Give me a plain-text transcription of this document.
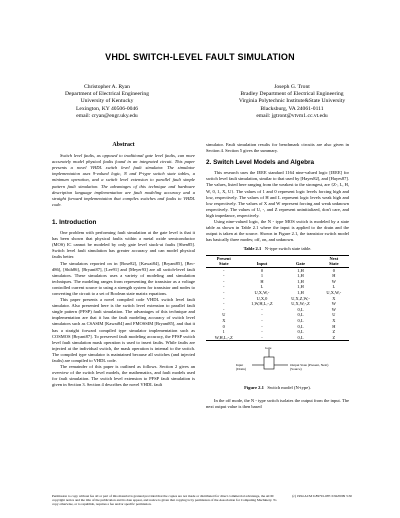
VHDL SWITCH-LEVEL FAULT SIMULATION
Christopher A. Ryan
Department of Electrical Engineering
University of Kentucky
Lexington, KY 40506-0046
email: cryan@engr.uky.edu
Joseph G. Tront
Bradley Department of Electrical Engineering
Virginia Polytechnic Institute&State University
Blacksburg, VA 24061-0111
email: jgtront@vtvm1.cc.vt.edu
Abstract

Switch level faults, as opposed to traditional gate level faults, can more accurately model physical faults found in an integrated circuit. This paper presents a novel VHDL switch level fault simulator. The simulator implementation uses 9-valued logic, N and P-type switch state tables, a minimum operation, and a switch level extension to parallel fault simple pattern fault simulation. The advantages of this technique and hardware description language implementation are fault modeling accuracy and a straight forward implementation that compiles switches and faults to VHDL code.

1. Introduction

One problem with performing fault simulation at the gate level is that it has been shown that physical faults within a metal oxide semiconductor (MOS) IC cannot be modeled by only gate level stuck-at faults [Shen85]. Switch level fault simulation has greater accuracy and can model physical faults better.

The simulators reported on in [Bose82], [Kawai84], [Bryant85], [Bec-d86], [Shih86], [Bryant87], [Lee91] and [Meyer93] are all switch-level fault simulators. These simulators uses a variety of modeling and simulation techniques. The modeling ranges from representing the transistor as a voltage controlled current source to using a strength system for transistor and nodes to converting the circuit to a set of Boolean state matrix equations.

This paper presents a novel compiled code VHDL switch level fault simulator. Also presented here is the switch level extension to parallel fault single pattern (PFSP) fault simulation. The advantages of this technique and implementation are that it has the fault modeling accuracy of switch level simulators such as CSASIM [Kawai84] and FMOSSIM [Bryant85], and that it has a straight forward compiled type simulator implementation such as COSMOS [Bryant87]. To preserved fault modeling accuracy, the PFSP switch level fault simulation mask operation is used to insert faults. While faults are injected at the individual switch, the mask operation is internal to the switch. The compiled type simulator is maintained because all switches (and injected faults) are compiled to VHDL code.

The remainder of this paper is outlined as follows. Section 2 gives an overview of the switch level models, the mathematics, and fault models used for fault simulation. The switch level extension to PFSP fault simulation is given in Section 3. Section 4 describes the novel VHDL fault

simulator. Fault simulation results for benchmark circuits are also given in Section 4. Section 5 gives the summary.

2. Switch Level Models and Algebra

This research uses the IEEE standard 1164 nine-valued logic [IEEE] for switch level fault simulation, similar to that used by [Hayes82], and [Hayes87]. The values, listed here ranging from the weakest to the strongest, are {Z-, L, H, W, 0, 1, X, U}. The values of 1 and 0 represent logic levels forcing high and low, respectively. The values of H and L represent logic levels weak high and low respectively. The values of X and W represent forcing and weak unknown respectively. The values of U, -, and Z represent uninitialized, don't care, and high impedance, respectively.

Using nine-valued logic, the N - type MOS switch is modeled by a state table as shown in Table 2.1 where the input is applied to the drain and the output is taken at the source. Shown in Figure 2.1, the transistor switch model has basically three modes; off, on, and unknown.

Table 2.1 N-type switch state table.
Present			Next
State	Input	Gate	State
-	0	1,H	0
-	1	1,H	H
-	H	1,H	W
-	L	1,H	L
-	U,X,W,-	1,H	U,X,W,-
-	U,X,0	U,X,Z,W,-	X
-	1,W,H,L,-,Z	U,X,W,-,Z	W
-	-	0,L	W
U	-	0,L	U
X	-	0,L	X
0	-	0,L	H
1	-	0,L	Z
W,H,L,-,Z	-	0,L	Z
Gate
Input
(Drain)
Output State (Present, Next)
(Source)
Figure 2.1 Switch model (N-type).

In the off mode, the N - type switch isolates the output from the input. The next output value is then based

Permission to copy without fee all or part of this material is granted provided that the copies are not made or distributed for direct commercial advantage, the ACM copyright notice and the title of the publication and its date appear, and notice is given that copying is by permission of the Association for Computing Machinery. To copy otherwise, or to republish, requires a fee and/or specific permission.
(c) 1994 ACM 0-89791-687-5/94/0009 3.50
